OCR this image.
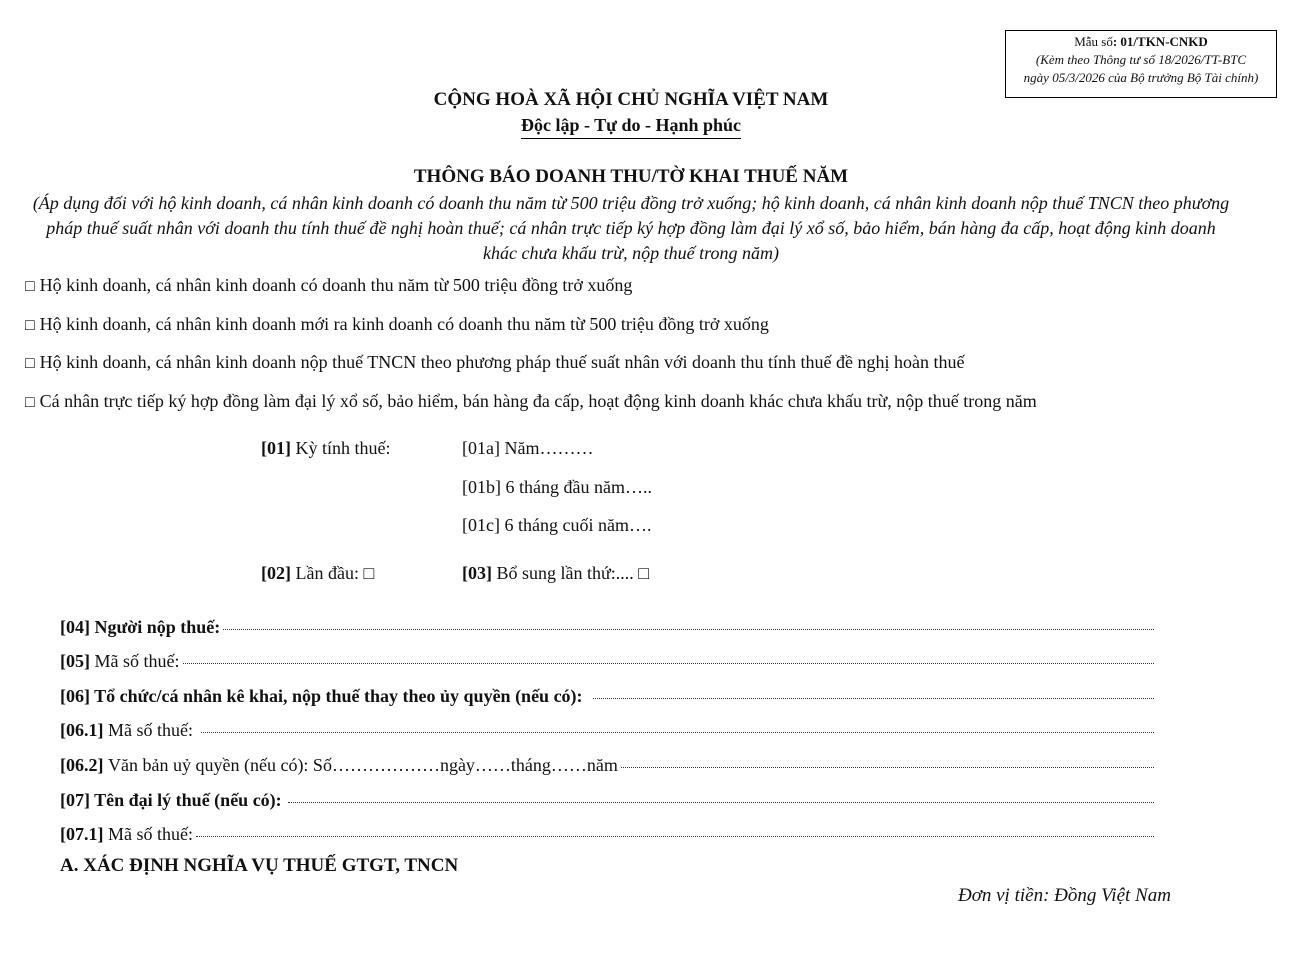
Mẫu số: 01/TKN-CNKD
(Kèm theo Thông tư số 18/2026/TT-BTC
ngày 05/3/2026 của Bộ trưởng Bộ Tài chính)
CỘNG HOÀ XÃ HỘI CHỦ NGHĨA VIỆT NAM
Độc lập - Tự do - Hạnh phúc
THÔNG BÁO DOANH THU/TỜ KHAI THUẾ NĂM
(Áp dụng đối với hộ kinh doanh, cá nhân kinh doanh có doanh thu năm từ 500 triệu đồng trở xuống; hộ kinh doanh, cá nhân kinh doanh nộp thuế TNCN theo phương pháp thuế suất nhân với doanh thu tính thuế đề nghị hoàn thuế; cá nhân trực tiếp ký hợp đồng làm đại lý xổ số, bảo hiểm, bán hàng đa cấp, hoạt động kinh doanh khác chưa khấu trừ, nộp thuế trong năm)
□ Hộ kinh doanh, cá nhân kinh doanh có doanh thu năm từ 500 triệu đồng trở xuống
□ Hộ kinh doanh, cá nhân kinh doanh mới ra kinh doanh có doanh thu năm từ 500 triệu đồng trở xuống
□ Hộ kinh doanh, cá nhân kinh doanh nộp thuế TNCN theo phương pháp thuế suất nhân với doanh thu tính thuế đề nghị hoàn thuế
□ Cá nhân trực tiếp ký hợp đồng làm đại lý xổ số, bảo hiểm, bán hàng đa cấp, hoạt động kinh doanh khác chưa khấu trừ, nộp thuế trong năm
[01] Kỳ tính thuế:	[01a] Năm………
[01b] 6 tháng đầu năm…..
[01c] 6 tháng cuối năm….
[02] Lần đầu: □	[03] Bổ sung lần thứ:.... □
[04]
Người nộp thuế:
[05]
Mã số thuế:
[06] Tổ chức/cá nhân kê khai, nộp thuế thay theo ủy quyền (nếu có):
[06.1]
Mã số thuế:
[06.2]
Văn bản uỷ quyền (nếu có): Số………………ngày……tháng……năm
[07] Tên đại lý thuế (nếu có):
[07.1]
Mã số thuế:
A. XÁC ĐỊNH NGHĨA VỤ THUẾ GTGT, TNCN
Đơn vị tiền: Đồng Việt Nam
